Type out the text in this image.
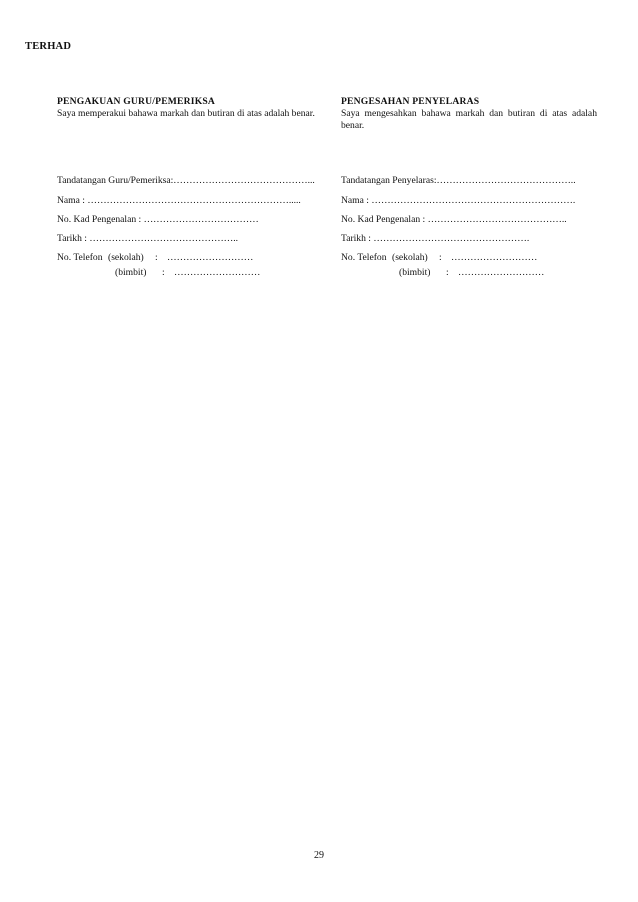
TERHAD

PENGAKUAN GURU/PEMERIKSA

Saya memperakui bahawa markah dan butiran di atas adalah benar.

Tandatangan Guru/Pemeriksa:……………………………………...
Nama : ……………………………………………………….....
No. Kad Pengenalan : ………………………………
Tarikh : ………………………………………..
No. Telefon (sekolah) : ………………………
(bimbit) : ………………………

PENGESAHAN PENYELARAS

Saya mengesahkan bahawa markah dan butiran di atas adalah benar.

Tandatangan Penyelaras:……………………………………..
Nama : ……………………………………………………….
No. Kad Pengenalan : ……………………………………..
Tarikh : ………………………………………….
No. Telefon (sekolah) : ………………………
(bimbit) : ………………………
29
